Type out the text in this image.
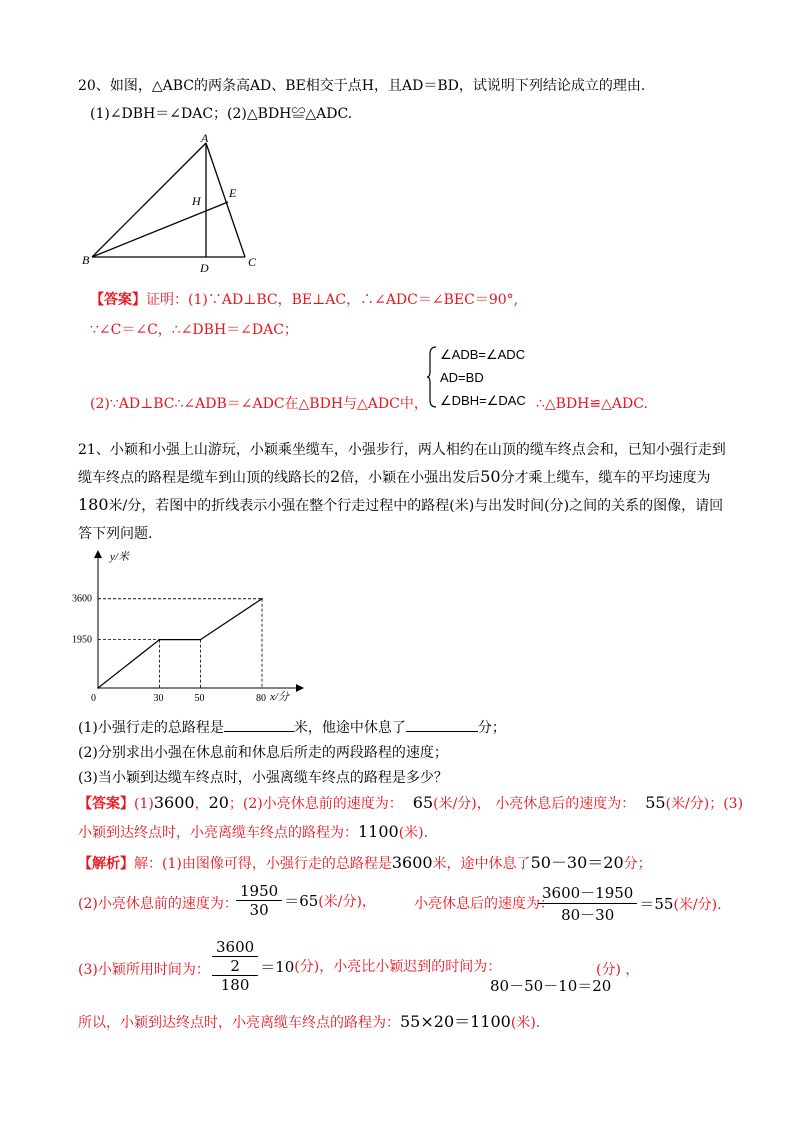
20、如图，△ABC的两条高AD、BE相交于点H，且AD＝BD，试说明下列结论成立的理由.
(1)∠DBH＝∠DAC；(2)△BDH≌△ADC.
A
B	C
D
E
H
【答案】证明：(1)∵AD⊥BC，BE⊥AC，∴∠ADC＝∠BEC＝90°,
∵∠C＝∠C，∴∠DBH＝∠DAC；
∠ADB=∠ADC
AD=BD
∠DBH=∠DAC
(2)∵AD⊥BC∴∠ADB＝∠ADC在△BDH与△ADC中，	∴△BDH≌△ADC.
21、小颖和小强上山游玩，小颖乘坐缆车，小强步行，两人相约在山顶的缆车终点会和，已知小强行走到
缆车终点的路程是缆车到山顶的线路长的2倍，小颖在小强出发后50分才乘上缆车，缆车的平均速度为
180米/分，若图中的折线表示小强在整个行走过程中的路程(米)与出发时间(分)之间的关系的图像，请回
答下列问题.
0	30	50	80
1950
3600
y/米
x/分
(1)小强行走的总路程是	米，他途中休息了	分；
(2)分别求出小强在休息前和休息后所走的两段路程的速度；
(3)当小颖到达缆车终点时，小强离缆车终点的路程是多少？
【答案】(1)3600，20；(2)小亮休息前的速度为： 65(米/分)， 小亮休息后的速度为： 55(米/分)；(3)
小颖到达终点时，小亮离缆车终点的路程为：1100(米).
【解析】解：(1)由图像可得，小强行走的总路程是3600米，途中休息了50－30＝20分；
(2)小亮休息前的速度为：
$\frac{1950}{30} =65$ (米/分)，	小亮休息后的速度为：
$\frac{3600-1950}{80-30} =55$ (米/分).
(3)小颖所用时间为： $\frac{\frac{3600}{2}}{180} =10$ (分)，小亮比小颖迟到的时间为：	(分) ，
80－50－10＝20
所以，小颖到达终点时，小亮离缆车终点的路程为：55×20＝1100(米).
